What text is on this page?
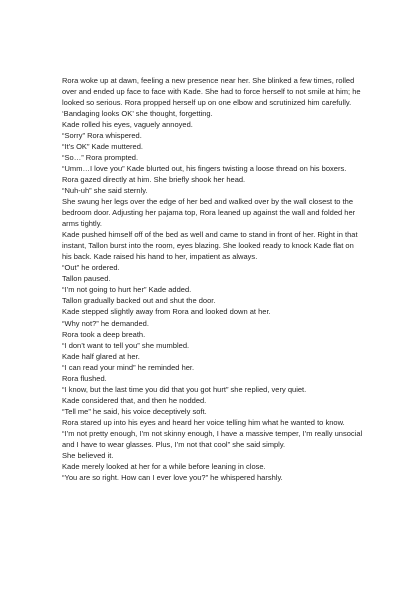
Rora woke up at dawn, feeling a new presence near her. She blinked a few times, rolled over and ended up face to face with Kade. She had to force herself to not smile at him; he looked so serious. Rora propped herself up on one elbow and scrutinized him carefully.

‘Bandaging looks OK’ she thought, forgetting.

Kade rolled his eyes, vaguely annoyed.

“Sorry” Rora whispered.

“It’s OK” Kade muttered.

“So…” Rora prompted.

“Umm…I love you” Kade blurted out, his fingers twisting a loose thread on his boxers.

Rora gazed directly at him. She briefly shook her head.

“Nuh-uh” she said sternly.

She swung her legs over the edge of her bed and walked over by the wall closest to the bedroom door. Adjusting her pajama top, Rora leaned up against the wall and folded her arms tightly.

Kade pushed himself off of the bed as well and came to stand in front of her. Right in that instant, Tallon burst into the room, eyes blazing. She looked ready to knock Kade flat on his back. Kade raised his hand to her, impatient as always.

“Out” he ordered.

Tallon paused.

“I’m not going to hurt her” Kade added.

Tallon gradually backed out and shut the door.

Kade stepped slightly away from Rora and looked down at her.

“Why not?” he demanded.

Rora took a deep breath.

“I don’t want to tell you” she mumbled.

Kade half glared at her.

“I can read your mind” he reminded her.

Rora flushed.

“I know, but the last time you did that you got hurt” she replied, very quiet.

Kade considered that, and then he nodded.

“Tell me” he said, his voice deceptively soft.

Rora stared up into his eyes and heard her voice telling him what he wanted to know.

“I’m not pretty enough, I’m not skinny enough, I have a massive temper, I’m really unsocial and I have to wear glasses. Plus, I’m not that cool” she said simply.

She believed it.

Kade merely looked at her for a while before leaning in close.

“You are so right. How can I ever love you?” he whispered harshly.
